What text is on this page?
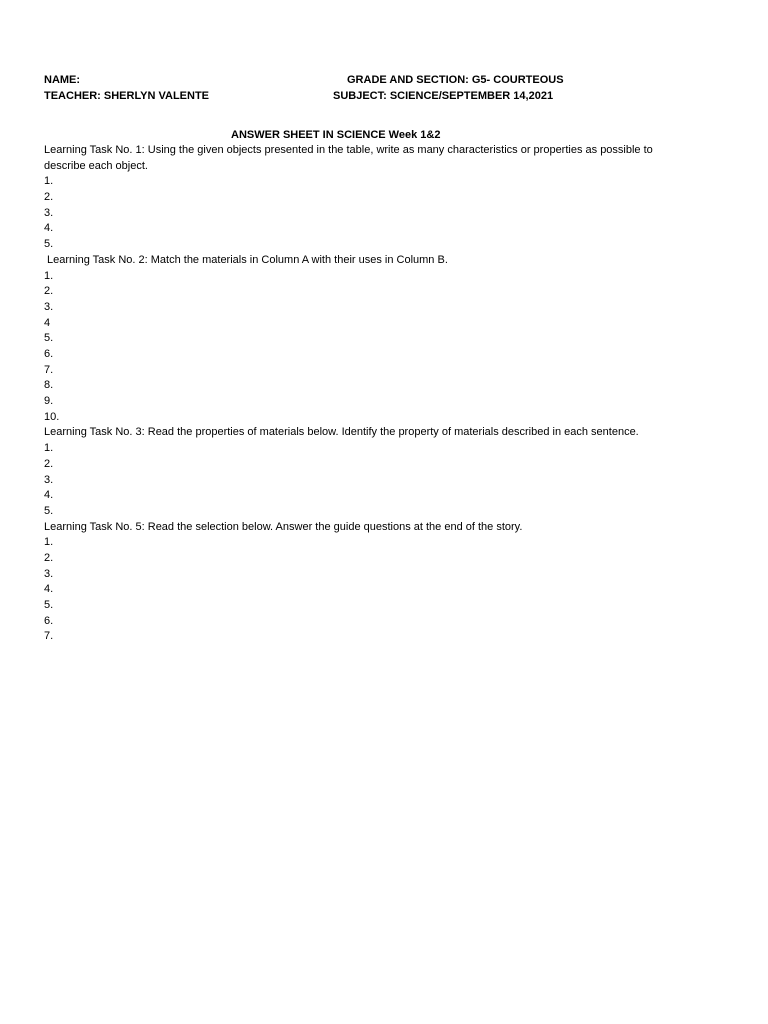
NAME:	GRADE AND SECTION: G5- COURTEOUS
TEACHER: SHERLYN VALENTE	SUBJECT: SCIENCE/SEPTEMBER 14,2021
ANSWER SHEET IN SCIENCE Week 1&2
Learning Task No. 1: Using the given objects presented in the table, write as many characteristics or properties as possible to describe each object.
1.
2.
3.
4.
5.
Learning Task No. 2: Match the materials in Column A with their uses in Column B.
1.
2.
3.
4
5.
6.
7.
8.
9.
10.
Learning Task No. 3: Read the properties of materials below. Identify the property of materials described in each sentence.
1.
2.
3.
4.
5.
Learning Task No. 5: Read the selection below. Answer the guide questions at the end of the story.
1.
2.
3.
4.
5.
6.
7.
